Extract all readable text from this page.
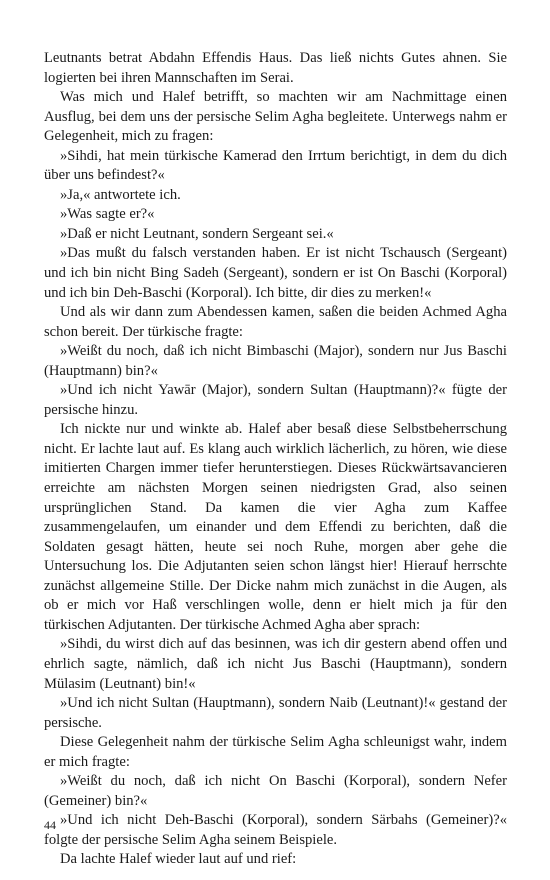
Leutnants betrat Abdahn Effendis Haus. Das ließ nichts Gutes ahnen. Sie logierten bei ihren Mannschaften im Serai.

Was mich und Halef betrifft, so machten wir am Nachmittage einen Ausflug, bei dem uns der persische Selim Agha begleitete. Unterwegs nahm er Gelegenheit, mich zu fragen:

»Sihdi, hat mein türkische Kamerad den Irrtum berichtigt, in dem du dich über uns befindest?«

»Ja,« antwortete ich.

»Was sagte er?«

»Daß er nicht Leutnant, sondern Sergeant sei.«

»Das mußt du falsch verstanden haben. Er ist nicht Tschausch (Sergeant) und ich bin nicht Bing Sadeh (Sergeant), sondern er ist On Baschi (Korporal) und ich bin Deh-Baschi (Korporal). Ich bitte, dir dies zu merken!«

Und als wir dann zum Abendessen kamen, saßen die beiden Achmed Agha schon bereit. Der türkische fragte:

»Weißt du noch, daß ich nicht Bimbaschi (Major), sondern nur Jus Baschi (Hauptmann) bin?«

»Und ich nicht Yawār (Major), sondern Sultan (Hauptmann)?« fügte der persische hinzu.

Ich nickte nur und winkte ab. Halef aber besaß diese Selbstbeherrschung nicht. Er lachte laut auf. Es klang auch wirklich lächerlich, zu hören, wie diese imitierten Chargen immer tiefer herunterstiegen. Dieses Rückwärtsavancieren erreichte am nächsten Morgen seinen niedrigsten Grad, also seinen ursprünglichen Stand. Da kamen die vier Agha zum Kaffee zusammengelaufen, um einander und dem Effendi zu berichten, daß die Soldaten gesagt hätten, heute sei noch Ruhe, morgen aber gehe die Untersuchung los. Die Adjutanten seien schon längst hier! Hierauf herrschte zunächst allgemeine Stille. Der Dicke nahm mich zunächst in die Augen, als ob er mich vor Haß verschlingen wolle, denn er hielt mich ja für den türkischen Adjutanten. Der türkische Achmed Agha aber sprach:

»Sihdi, du wirst dich auf das besinnen, was ich dir gestern abend offen und ehrlich sagte, nämlich, daß ich nicht Jus Baschi (Hauptmann), sondern Mülasim (Leutnant) bin!«

»Und ich nicht Sultan (Hauptmann), sondern Naib (Leutnant)!« gestand der persische.

Diese Gelegenheit nahm der türkische Selim Agha schleunigst wahr, indem er mich fragte:

»Weißt du noch, daß ich nicht On Baschi (Korporal), sondern Nefer (Gemeiner) bin?«

»Und ich nicht Deh-Baschi (Korporal), sondern Särbahs (Gemeiner)?« folgte der persische Selim Agha seinem Beispiele.

Da lachte Halef wieder laut auf und rief:

44
